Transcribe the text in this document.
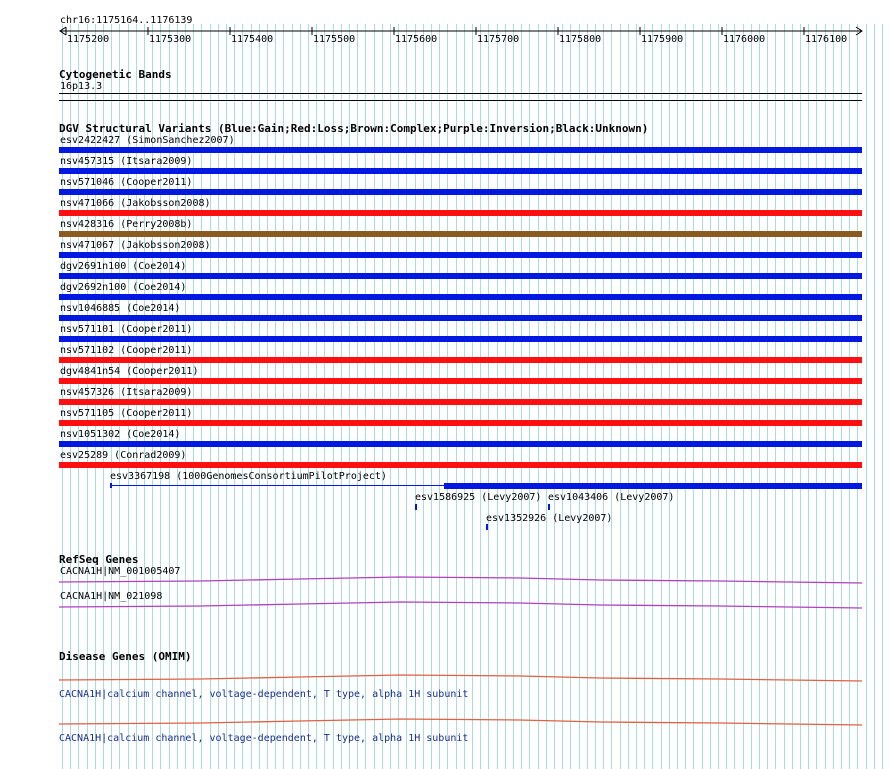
chr16:1175164..1176139
1175200	1175300	1175400	1175500	1175600	1175700	1175800	1175900	1176000	1176100
Cytogenetic Bands
16p13.3
DGV Structural Variants (Blue:Gain;Red:Loss;Brown:Complex;Purple:Inversion;Black:Unknown)
esv2422427 (SimonSanchez2007)
nsv457315 (Itsara2009)
nsv571046 (Cooper2011)
nsv471066 (Jakobsson2008)
nsv428316 (Perry2008b)
nsv471067 (Jakobsson2008)
dgv2691n100 (Coe2014)
dgv2692n100 (Coe2014)
nsv1046885 (Coe2014)
nsv571101 (Cooper2011)
nsv571102 (Cooper2011)
dgv4841n54 (Cooper2011)
nsv457326 (Itsara2009)
nsv571105 (Cooper2011)
nsv1051302 (Coe2014)
esv25289 (Conrad2009)
esv3367198 (1000GenomesConsortiumPilotProject)
esv1586925 (Levy2007) esv1043406 (Levy2007)
esv1352926 (Levy2007)
RefSeq Genes
CACNA1H|NM_001005407
CACNA1H|NM_021098
Disease Genes (OMIM)
CACNA1H|calcium channel, voltage-dependent, T type, alpha 1H subunit
CACNA1H|calcium channel, voltage-dependent, T type, alpha 1H subunit
